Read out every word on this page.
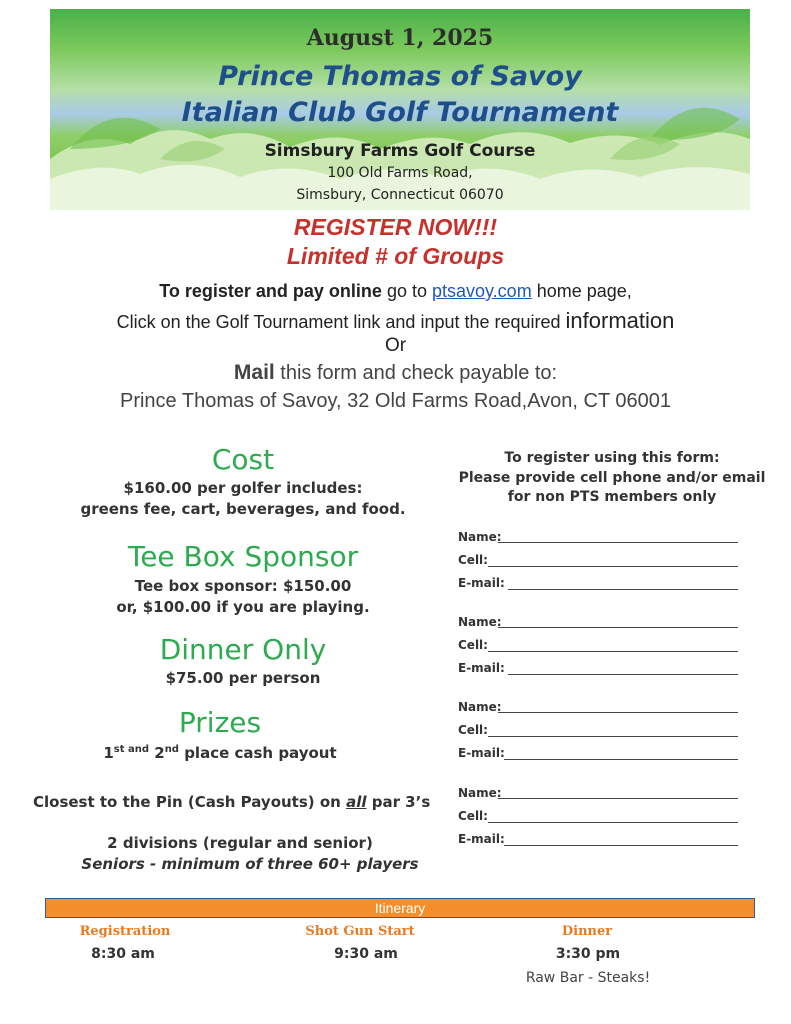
August 1, 2025
Prince Thomas of Savoy
Italian Club Golf Tournament
Simsbury Farms Golf Course
100 Old Farms Road,
Simsbury, Connecticut 06070
REGISTER NOW!!!
Limited # of Groups
To register and pay online go to ptsavoy.com home page,
Click on the Golf Tournament link and input the required information
Or
Mail this form and check payable to:
Prince Thomas of Savoy, 32 Old Farms Road,Avon, CT 06001
Cost
$160.00 per golfer includes:
greens fee, cart, beverages, and food.
Tee Box Sponsor
Tee box sponsor: $150.00
or, $100.00 if you are playing.
Dinner Only
$75.00 per person
Prizes
$1^{st and}$ 2nd place cash payout
Closest to the Pin (Cash Payouts) on all par 3’s
2 divisions (regular and senior)
Seniors - minimum of three 60+ players
To register using this form:
Please provide cell phone and/or email
for non PTS members only
Name:
Cell:
E-mail:
Name:
Cell:
E-mail:
Name:
Cell:
E-mail:
Name:
Cell:
E-mail:
Itinerary
Registration
8:30 am
Shot Gun Start
9:30 am
Dinner
3:30 pm
Raw Bar - Steaks!
